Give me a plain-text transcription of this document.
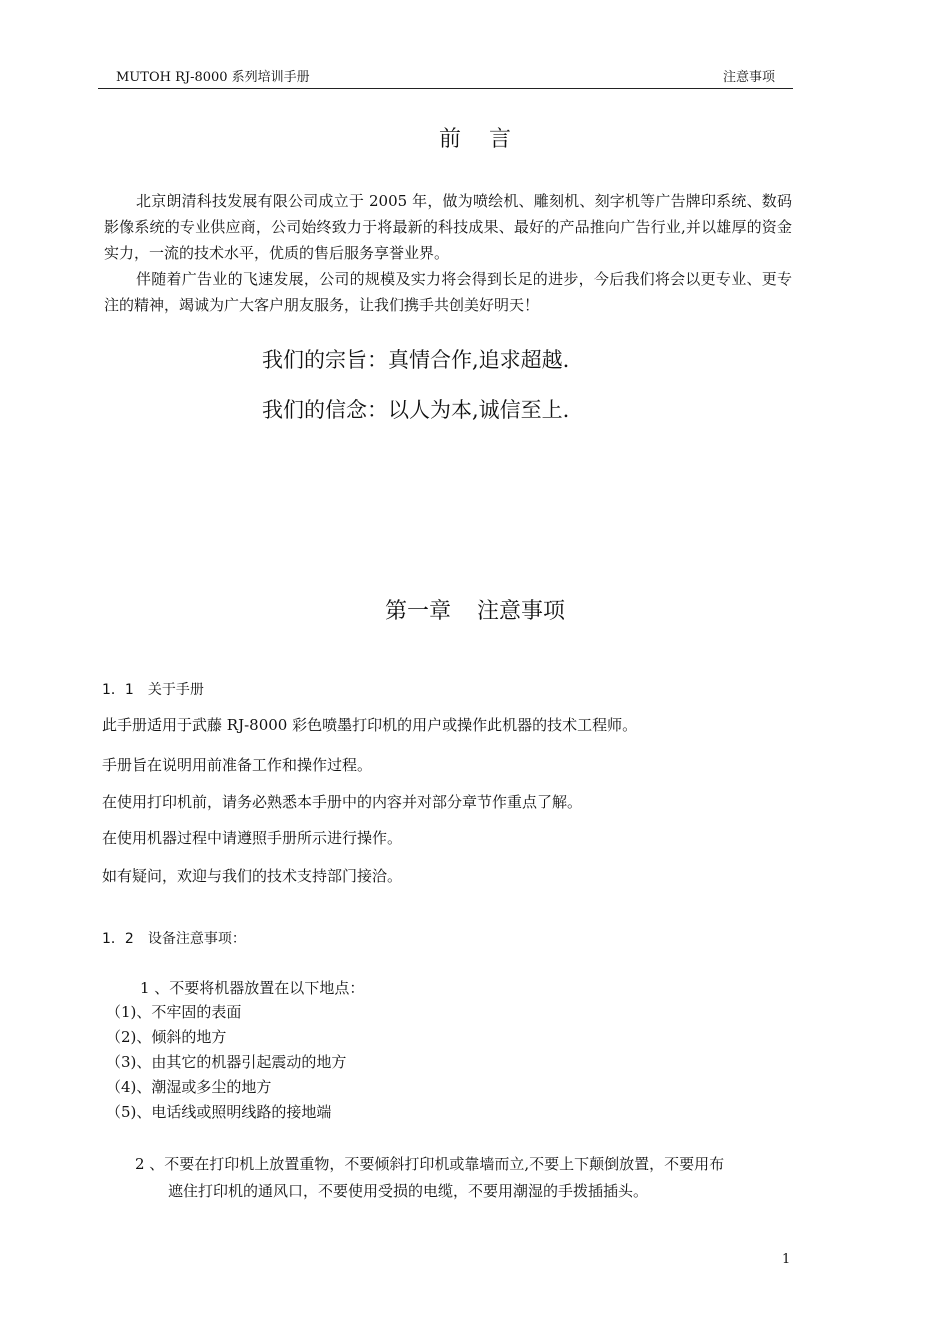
MUTOH RJ-8000 系列培训手册	注意事项
前言

北京朗清科技发展有限公司成立于 2005 年，做为喷绘机、雕刻机、刻字机等广告牌印系统、数码影像系统的专业供应商，公司始终致力于将最新的科技成果、最好的产品推向广告行业,并以雄厚的资金实力，一流的技术水平，优质的售后服务享誉业界。

伴随着广告业的飞速发展，公司的规模及实力将会得到长足的进步，今后我们将会以更专业、更专注的精神，竭诚为广大客户朋友服务，让我们携手共创美好明天！

我们的宗旨：真情合作,追求超越.
我们的信念：以人为本,诚信至上.
第一章 注意事项
1．1　关于手册
此手册适用于武藤 RJ-8000 彩色喷墨打印机的用户或操作此机器的技术工程师。
手册旨在说明用前准备工作和操作过程。
在使用打印机前，请务必熟悉本手册中的内容并对部分章节作重点了解。
在使用机器过程中请遵照手册所示进行操作。
如有疑问，欢迎与我们的技术支持部门接洽。
1．2　设备注意事项：
1 、不要将机器放置在以下地点：
（1)、不牢固的表面
（2)、倾斜的地方
（3)、由其它的机器引起震动的地方
（4)、潮湿或多尘的地方
（5)、电话线或照明线路的接地端

2 、不要在打印机上放置重物，不要倾斜打印机或靠墙而立,不要上下颠倒放置，不要用布
遮住打印机的通风口，不要使用受损的电缆，不要用潮湿的手拨插插头。

1
